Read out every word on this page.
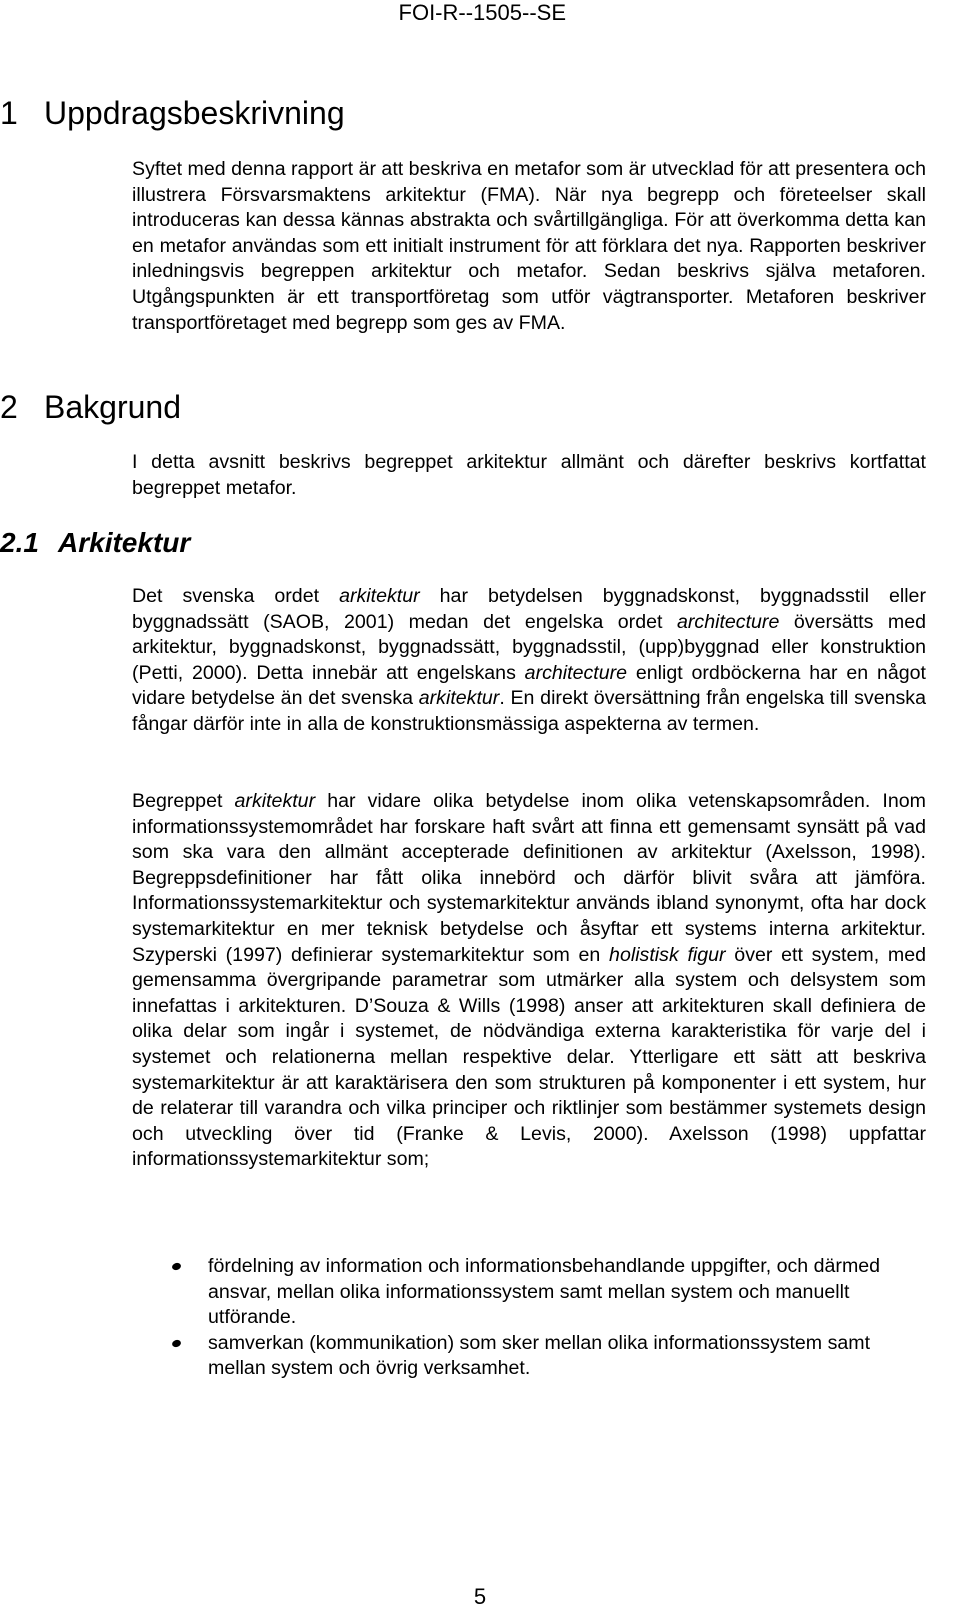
FOI-R--1505--SE
1 Uppdragsbeskrivning

Syftet med denna rapport är att beskriva en metafor som är utvecklad för att presentera och illustrera Försvarsmaktens arkitektur (FMA). När nya begrepp och företeelser skall introduceras kan dessa kännas abstrakta och svårtillgängliga. För att överkomma detta kan en metafor användas som ett initialt instrument för att förklara det nya. Rapporten beskriver inledningsvis begreppen arkitektur och metafor. Sedan beskrivs själva metaforen. Utgångspunkten är ett transportföretag som utför vägtransporter. Metaforen beskriver transportföretaget med begrepp som ges av FMA.

2 Bakgrund

I detta avsnitt beskrivs begreppet arkitektur allmänt och därefter beskrivs kortfattat begreppet metafor.

2.1 Arkitektur

Det svenska ordet arkitektur har betydelsen byggnadskonst, byggnadsstil eller byggnadssätt (SAOB, 2001) medan det engelska ordet architecture översätts med arkitektur, byggnadskonst, byggnadssätt, byggnadsstil, (upp)byggnad eller konstruktion (Petti, 2000). Detta innebär att engelskans architecture enligt ordböckerna har en något vidare betydelse än det svenska arkitektur. En direkt översättning från engelska till svenska fångar därför inte in alla de konstruktionsmässiga aspekterna av termen.

Begreppet arkitektur har vidare olika betydelse inom olika vetenskapsområden. Inom informationssystemområdet har forskare haft svårt att finna ett gemensamt synsätt på vad som ska vara den allmänt accepterade definitionen av arkitektur (Axelsson, 1998). Begreppsdefinitioner har fått olika innebörd och därför blivit svåra att jämföra. Informationssystemarkitektur och systemarkitektur används ibland synonymt, ofta har dock systemarkitektur en mer teknisk betydelse och åsyftar ett systems interna arkitektur. Szyperski (1997) definierar systemarkitektur som en holistisk figur över ett system, med gemensamma övergripande parametrar som utmärker alla system och delsystem som innefattas i arkitekturen. D’Souza & Wills (1998) anser att arkitekturen skall definiera de olika delar som ingår i systemet, de nödvändiga externa karakteristika för varje del i systemet och relationerna mellan respektive delar. Ytterligare ett sätt att beskriva systemarkitektur är att karaktärisera den som strukturen på komponenter i ett system, hur de relaterar till varandra och vilka principer och riktlinjer som bestämmer systemets design och utveckling över tid (Franke & Levis, 2000). Axelsson (1998) uppfattar informationssystemarkitektur som;

fördelning av information och informationsbehandlande uppgifter, och därmed ansvar, mellan olika informationssystem samt mellan system och manuellt utförande.
samverkan (kommunikation) som sker mellan olika informationssystem samt mellan system och övrig verksamhet.
5
